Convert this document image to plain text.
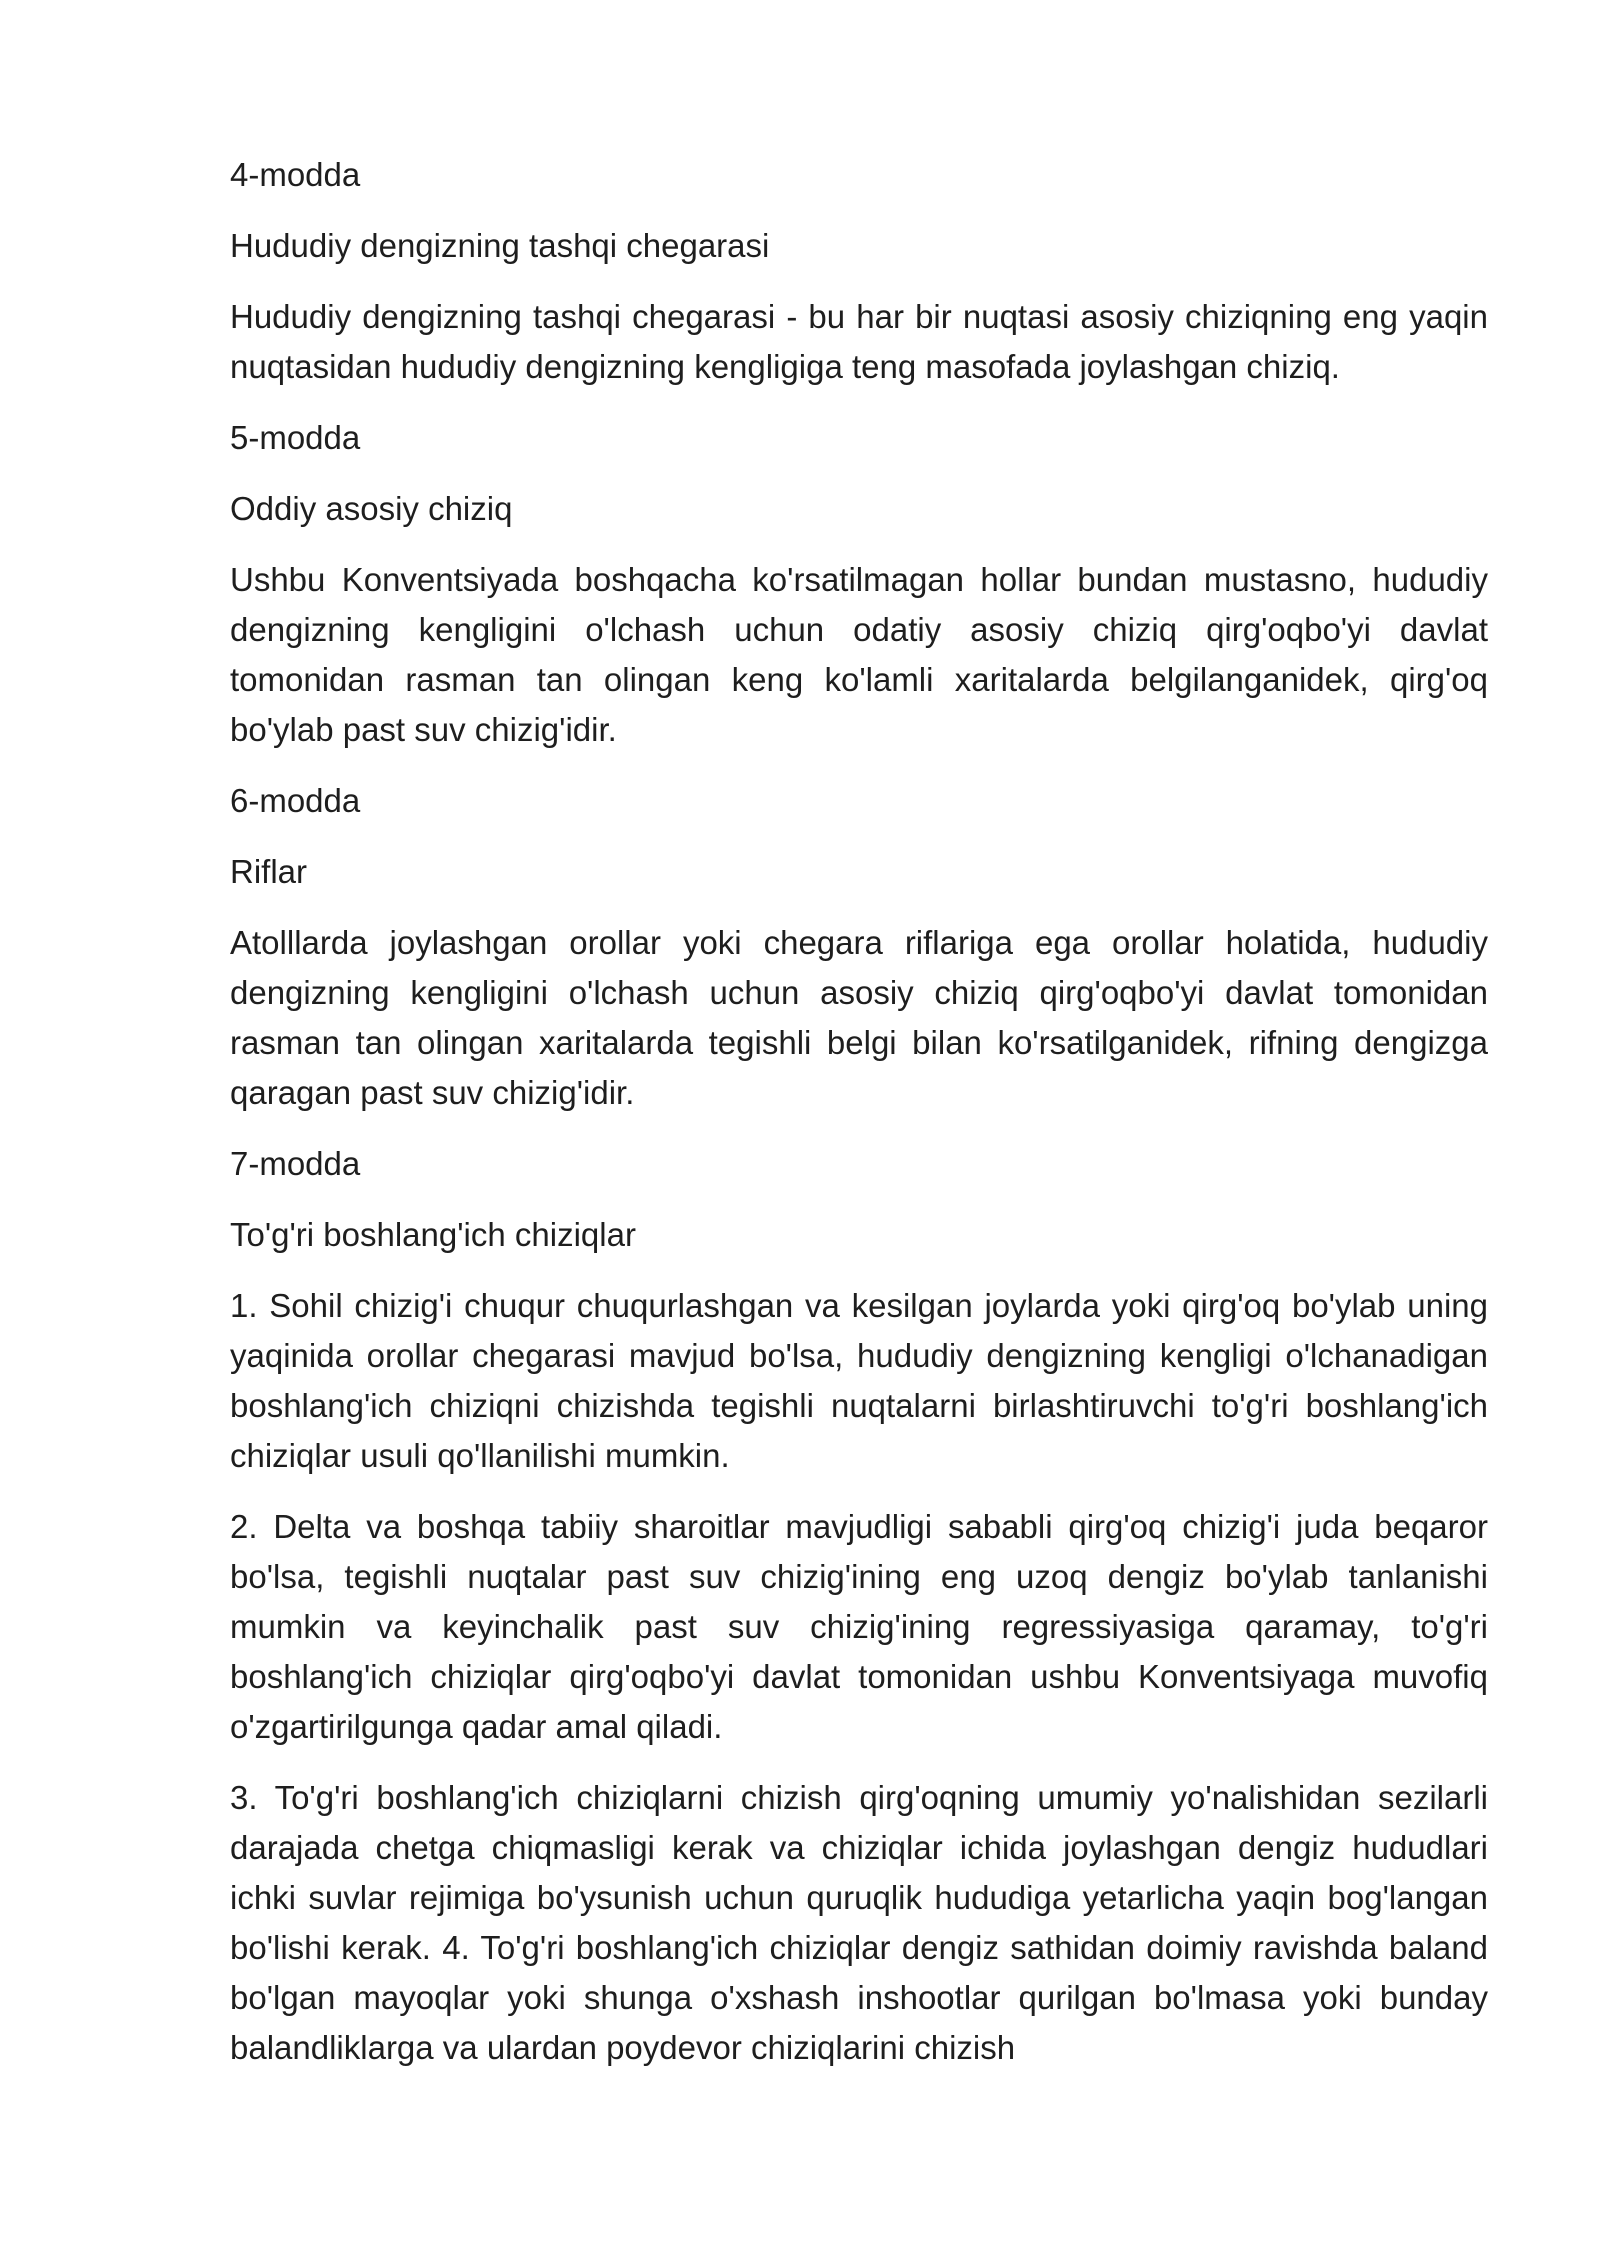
4-modda
Hududiy dengizning tashqi chegarasi
Hududiy dengizning tashqi chegarasi - bu har bir nuqtasi asosiy chiziqning eng yaqin nuqtasidan hududiy dengizning kengligiga teng masofada joylashgan chiziq.
5-modda
Oddiy asosiy chiziq
Ushbu Konventsiyada boshqacha ko'rsatilmagan hollar bundan mustasno, hududiy dengizning kengligini o'lchash uchun odatiy asosiy chiziq qirg'oqbo'yi davlat tomonidan rasman tan olingan keng ko'lamli xaritalarda belgilanganidek, qirg'oq bo'ylab past suv chizig'idir.
6-modda
Riflar
Atolllarda joylashgan orollar yoki chegara riflariga ega orollar holatida, hududiy dengizning kengligini o'lchash uchun asosiy chiziq qirg'oqbo'yi davlat tomonidan rasman tan olingan xaritalarda tegishli belgi bilan ko'rsatilganidek, rifning dengizga qaragan past suv chizig'idir.
7-modda
To'g'ri boshlang'ich chiziqlar
1. Sohil chizig'i chuqur chuqurlashgan va kesilgan joylarda yoki qirg'oq bo'ylab uning yaqinida orollar chegarasi mavjud bo'lsa, hududiy dengizning kengligi o'lchanadigan boshlang'ich chiziqni chizishda tegishli nuqtalarni birlashtiruvchi to'g'ri boshlang'ich chiziqlar usuli qo'llanilishi mumkin.
2. Delta va boshqa tabiiy sharoitlar mavjudligi sababli qirg'oq chizig'i juda beqaror bo'lsa, tegishli nuqtalar past suv chizig'ining eng uzoq dengiz bo'ylab tanlanishi mumkin va keyinchalik past suv chizig'ining regressiyasiga qaramay, to'g'ri boshlang'ich chiziqlar qirg'oqbo'yi davlat tomonidan ushbu Konventsiyaga muvofiq o'zgartirilgunga qadar amal qiladi.
3. To'g'ri boshlang'ich chiziqlarni chizish qirg'oqning umumiy yo'nalishidan sezilarli darajada chetga chiqmasligi kerak va chiziqlar ichida joylashgan dengiz hududlari ichki suvlar rejimiga bo'ysunish uchun quruqlik hududiga yetarlicha yaqin bog'langan bo'lishi kerak. 4. To'g'ri boshlang'ich chiziqlar dengiz sathidan doimiy ravishda baland bo'lgan mayoqlar yoki shunga o'xshash inshootlar qurilgan bo'lmasa yoki bunday balandliklarga va ulardan poydevor chiziqlarini chizish
